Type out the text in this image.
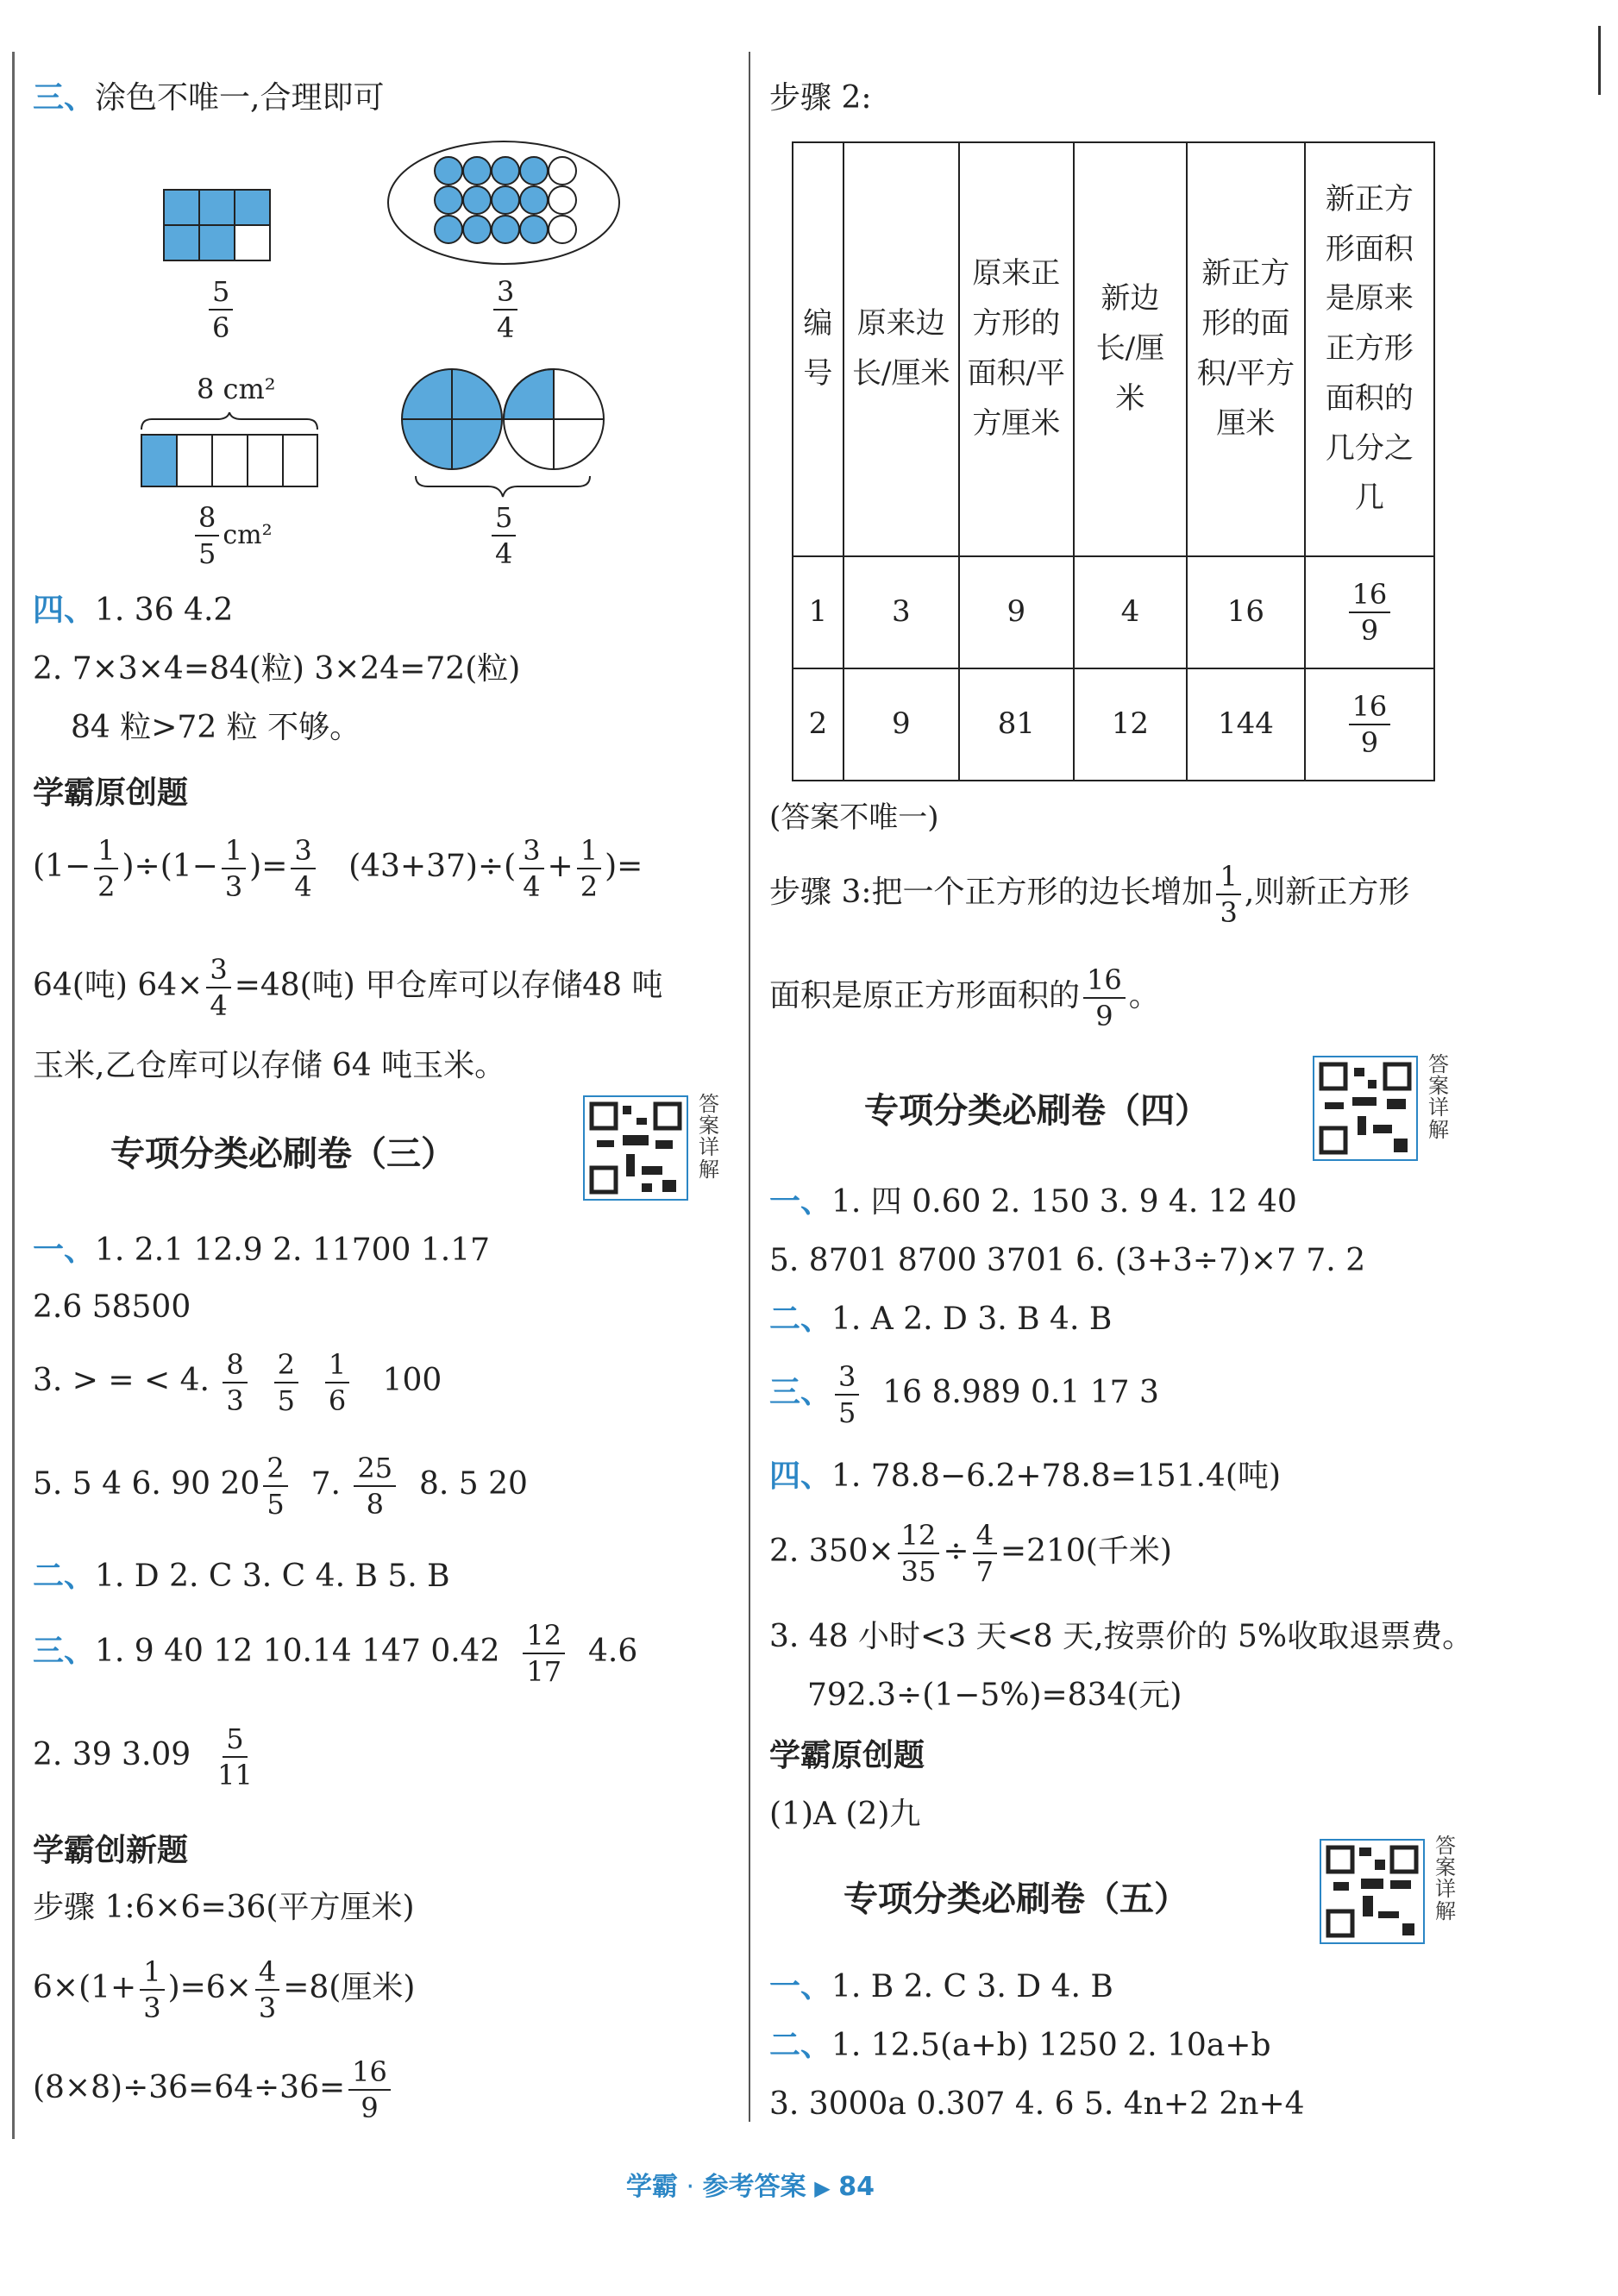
三、涂色不唯一,合理即可
$\frac{5}{6}$	$\frac{3}{4}$
8 cm²
$\frac{8}{5} cm^2$	$\frac{5}{4}$
四、1. 36 4.2
2. 7×3×4=84(粒) 3×24=72(粒)
84 粒>72 粒 不够。
学霸原创题
$(1- \frac{1}{2} )\div(1- \frac{1}{3}$ )= $\frac{3}{4} (43+37)\div( \frac{3}{4} + \frac{1}{2}$ )=
64(吨) $64\times \frac{3}{4} =48$(吨) 甲仓库可以存储48 吨
玉米,乙仓库可以存储 64 吨玉米。
专项分类必刷卷（三）
答案详解
一、1. 2.1 12.9 2. 11700 1.17
2.6 58500
3. > = < 4. $\frac{8}{3}$
$\frac{2}{5}$
$\frac{1}{6} 100$
5. 5 4 6. 90 $20 \frac{2}{5} 7$. $\frac{25}{8} 8$. 5 20
二、1. D 2. C 3. C 4. B 5. B
三、1. 9 40 12 10.14 147 $0.42 \frac{12}{17} 4.6$
2. 39 $3.09 \frac{5}{11}$
学霸创新题
步骤 1:6×6=36(平方厘米)
$6\times(1+ \frac{1}{3} )=6\times \frac{4}{3} =8$(厘米)
$(8\times 8)\div 36=64\div 36= \frac{16}{9}$
步骤 2:
编号	原来边长/厘米	原来正方形的面积/平方厘米	新边长/厘米	新正方形的面积/平方厘米	新正方形面积是原来正方形面积的几分之几

1	3	9	4	16	$\frac{16}{9}$

2	9	81	12	144	$\frac{16}{9}$
(答案不唯一)
步骤 3:把一个正方形的边长增加 $\frac{1}{3}$ ,则新正方形
面积是原正方形面积的 $\frac{16}{9}$ 。
专项分类必刷卷（四）
答案详解
一、1. 四 0.60 2. 150 3. 9 4. 12 40
5. 8701 8700 3701 6. (3+3÷7)×7 7. 2
二、1. A 2. D 3. B 4. B
三、 $\frac{3}{5} 16$ 8.989 0.1 17 3
四、1. 78.8−6.2+78.8=151.4(吨)
2. $350\times \frac{12}{35} \div \frac{4}{7} =210$(千米)
3. 48 小时<3 天<8 天,按票价的 5%收取退票费。
792.3÷(1−5%)=834(元)
学霸原创题
(1)A (2)九
专项分类必刷卷（五）
答案详解
一、1. B 2. C 3. D 4. B
二、1. 12.5(a+b) 1250 2. 10a+b
3. 3000a 0.307 4. 6 5. 4n+2 2n+4
学霸 · 参考答案 ▶ 84
